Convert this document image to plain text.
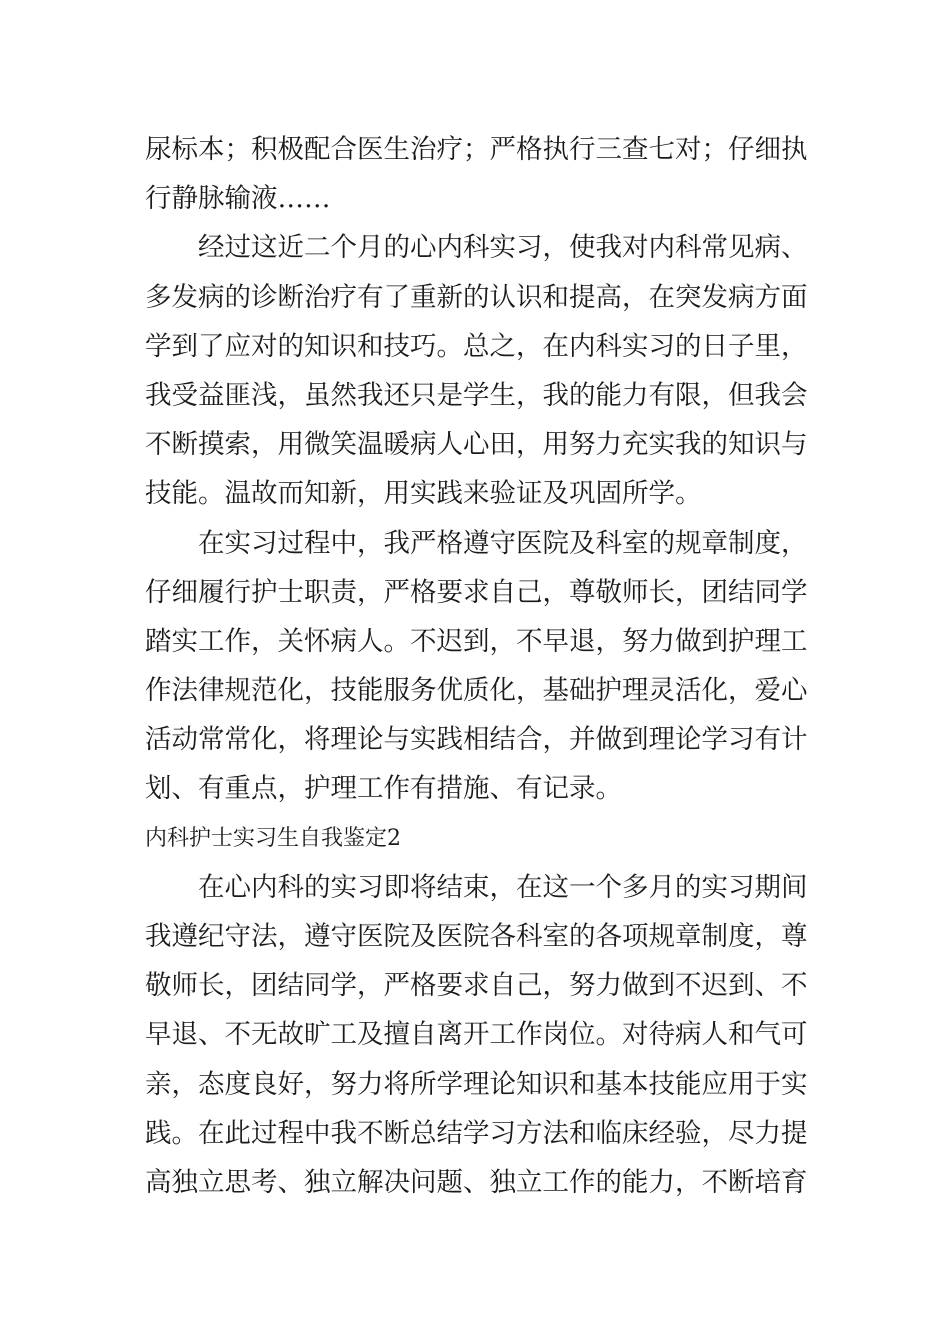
尿标本；积极配合医生治疗；严格执行三查七对；仔细执
行静脉输液……
经过这近二个月的心内科实习，使我对内科常见病、
多发病的诊断治疗有了重新的认识和提高，在突发病方面
学到了应对的知识和技巧。总之，在内科实习的日子里，
我受益匪浅，虽然我还只是学生，我的能力有限，但我会
不断摸索，用微笑温暖病人心田，用努力充实我的知识与
技能。温故而知新，用实践来验证及巩固所学。
在实习过程中，我严格遵守医院及科室的规章制度，
仔细履行护士职责，严格要求自己，尊敬师长，团结同学
踏实工作，关怀病人。不迟到，不早退，努力做到护理工
作法律规范化，技能服务优质化，基础护理灵活化，爱心
活动常常化，将理论与实践相结合，并做到理论学习有计
划、有重点，护理工作有措施、有记录。
内科护士实习生自我鉴定2
在心内科的实习即将结束，在这一个多月的实习期间
我遵纪守法，遵守医院及医院各科室的各项规章制度，尊
敬师长，团结同学，严格要求自己，努力做到不迟到、不
早退、不无故旷工及擅自离开工作岗位。对待病人和气可
亲，态度良好，努力将所学理论知识和基本技能应用于实
践。在此过程中我不断总结学习方法和临床经验，尽力提
高独立思考、独立解决问题、独立工作的能力，不断培育
